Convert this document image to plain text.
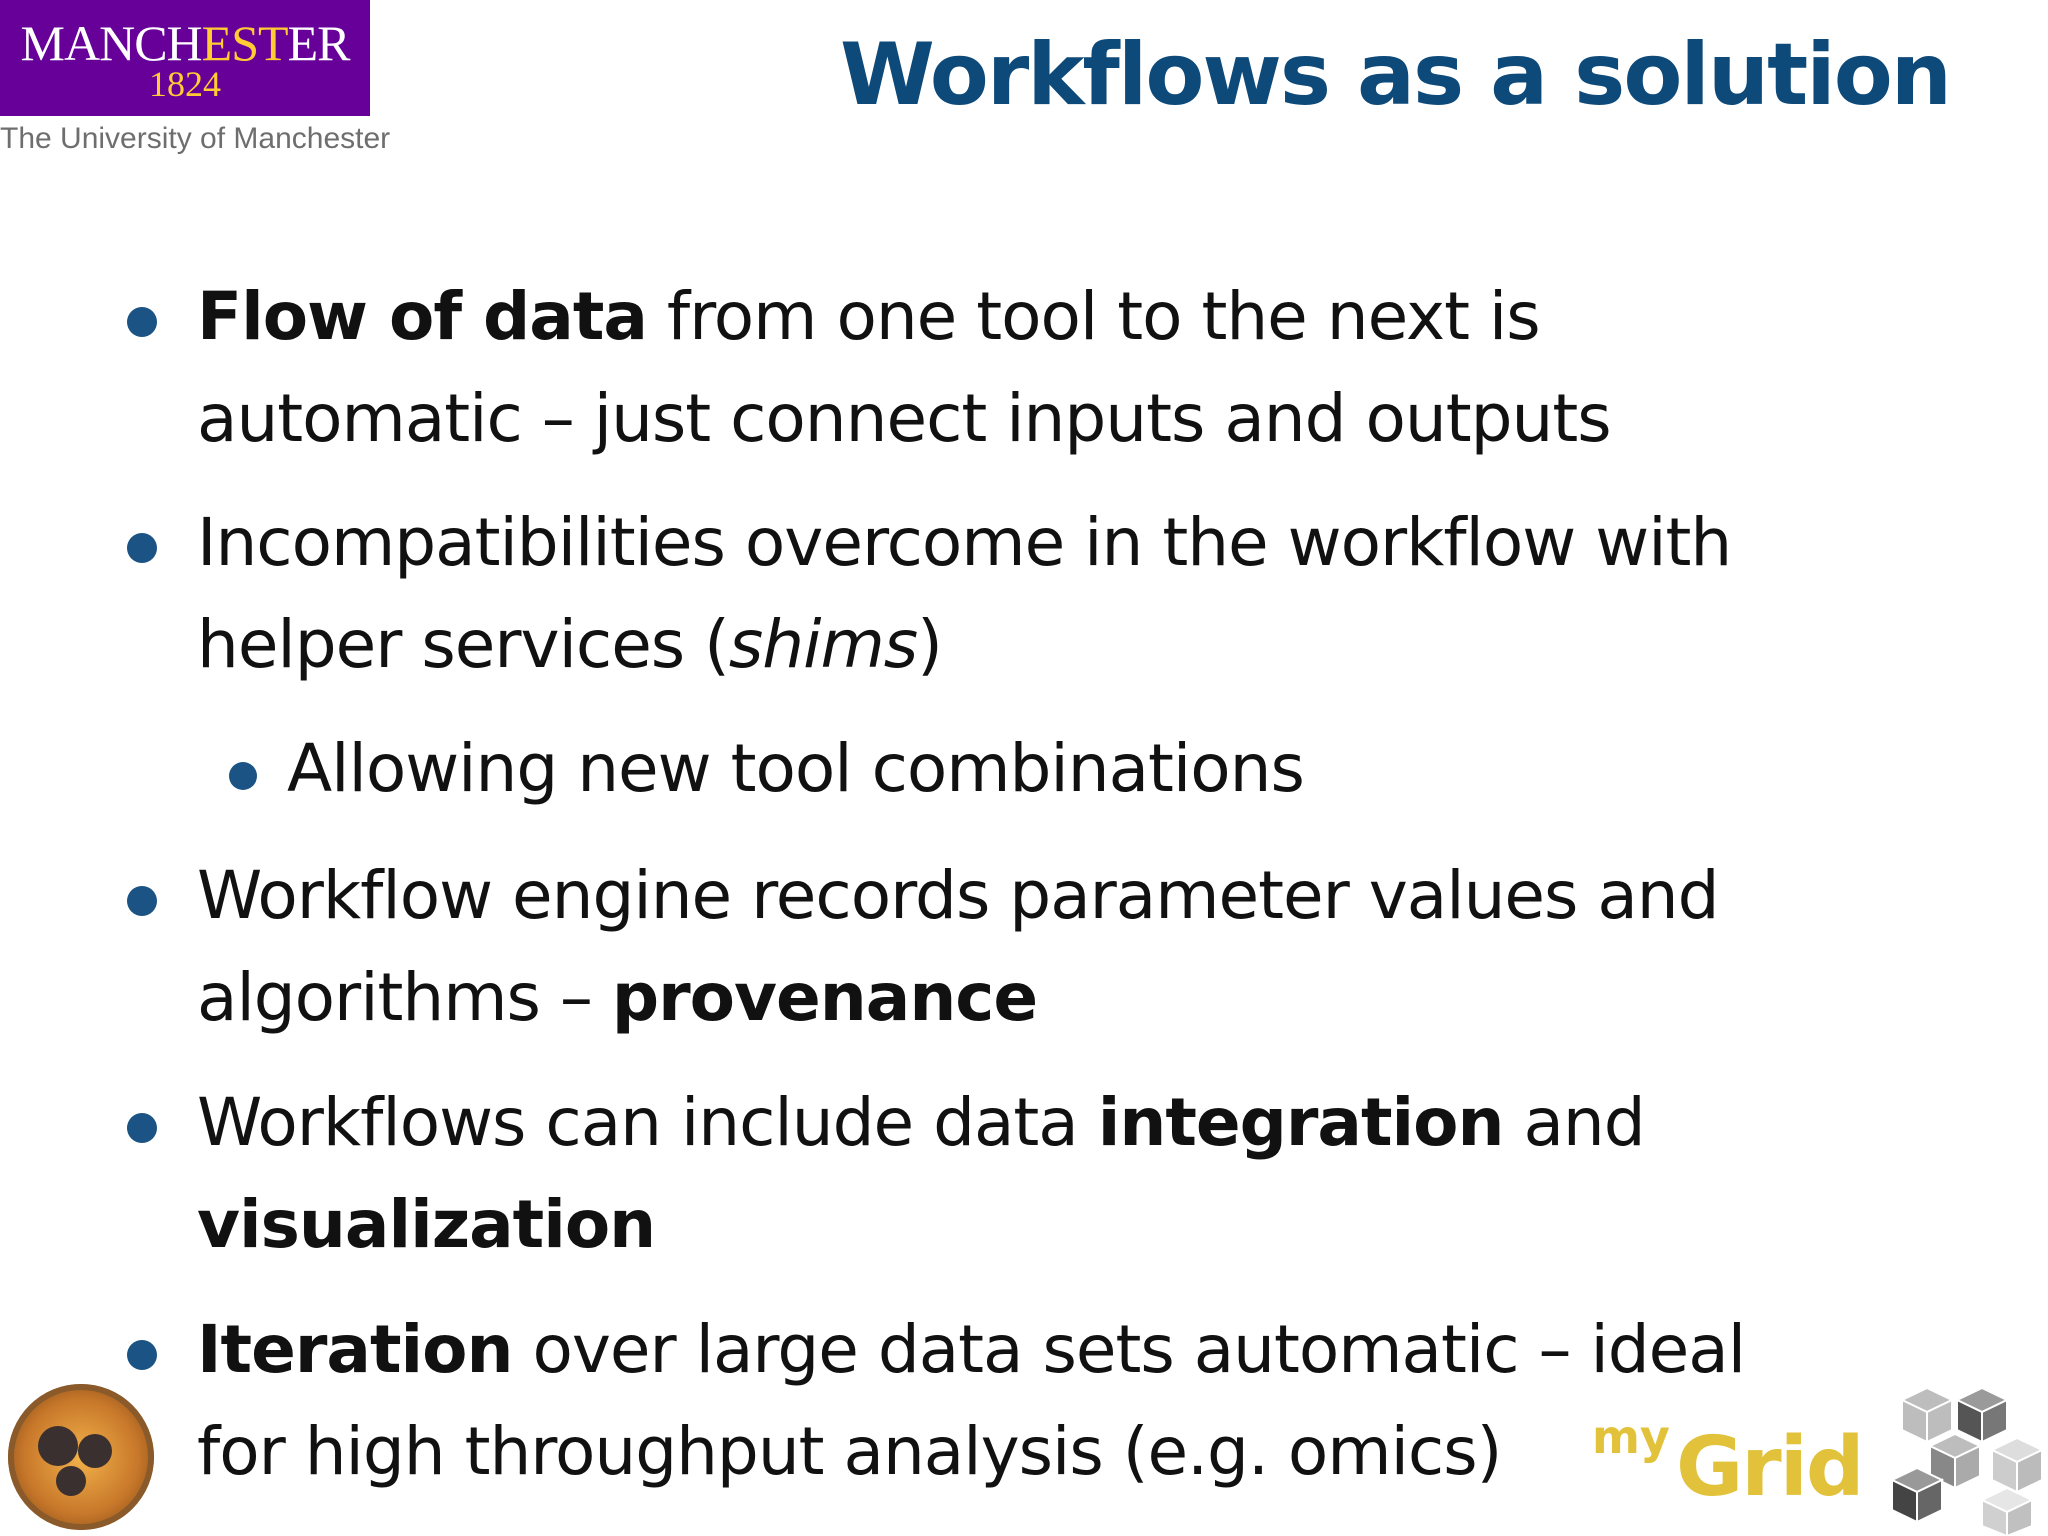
MANCHESTER
1824
The University of Manchester
Workflows as a solution
Flow of data from one tool to the next is
automatic – just connect inputs and outputs
Incompatibilities overcome in the workflow with
helper services (shims)
Allowing new tool combinations
Workflow engine records parameter values and
algorithms – provenance
Workflows can include data integration and
visualization
Iteration over large data sets automatic – ideal
for high throughput analysis (e.g. omics) my Grid
